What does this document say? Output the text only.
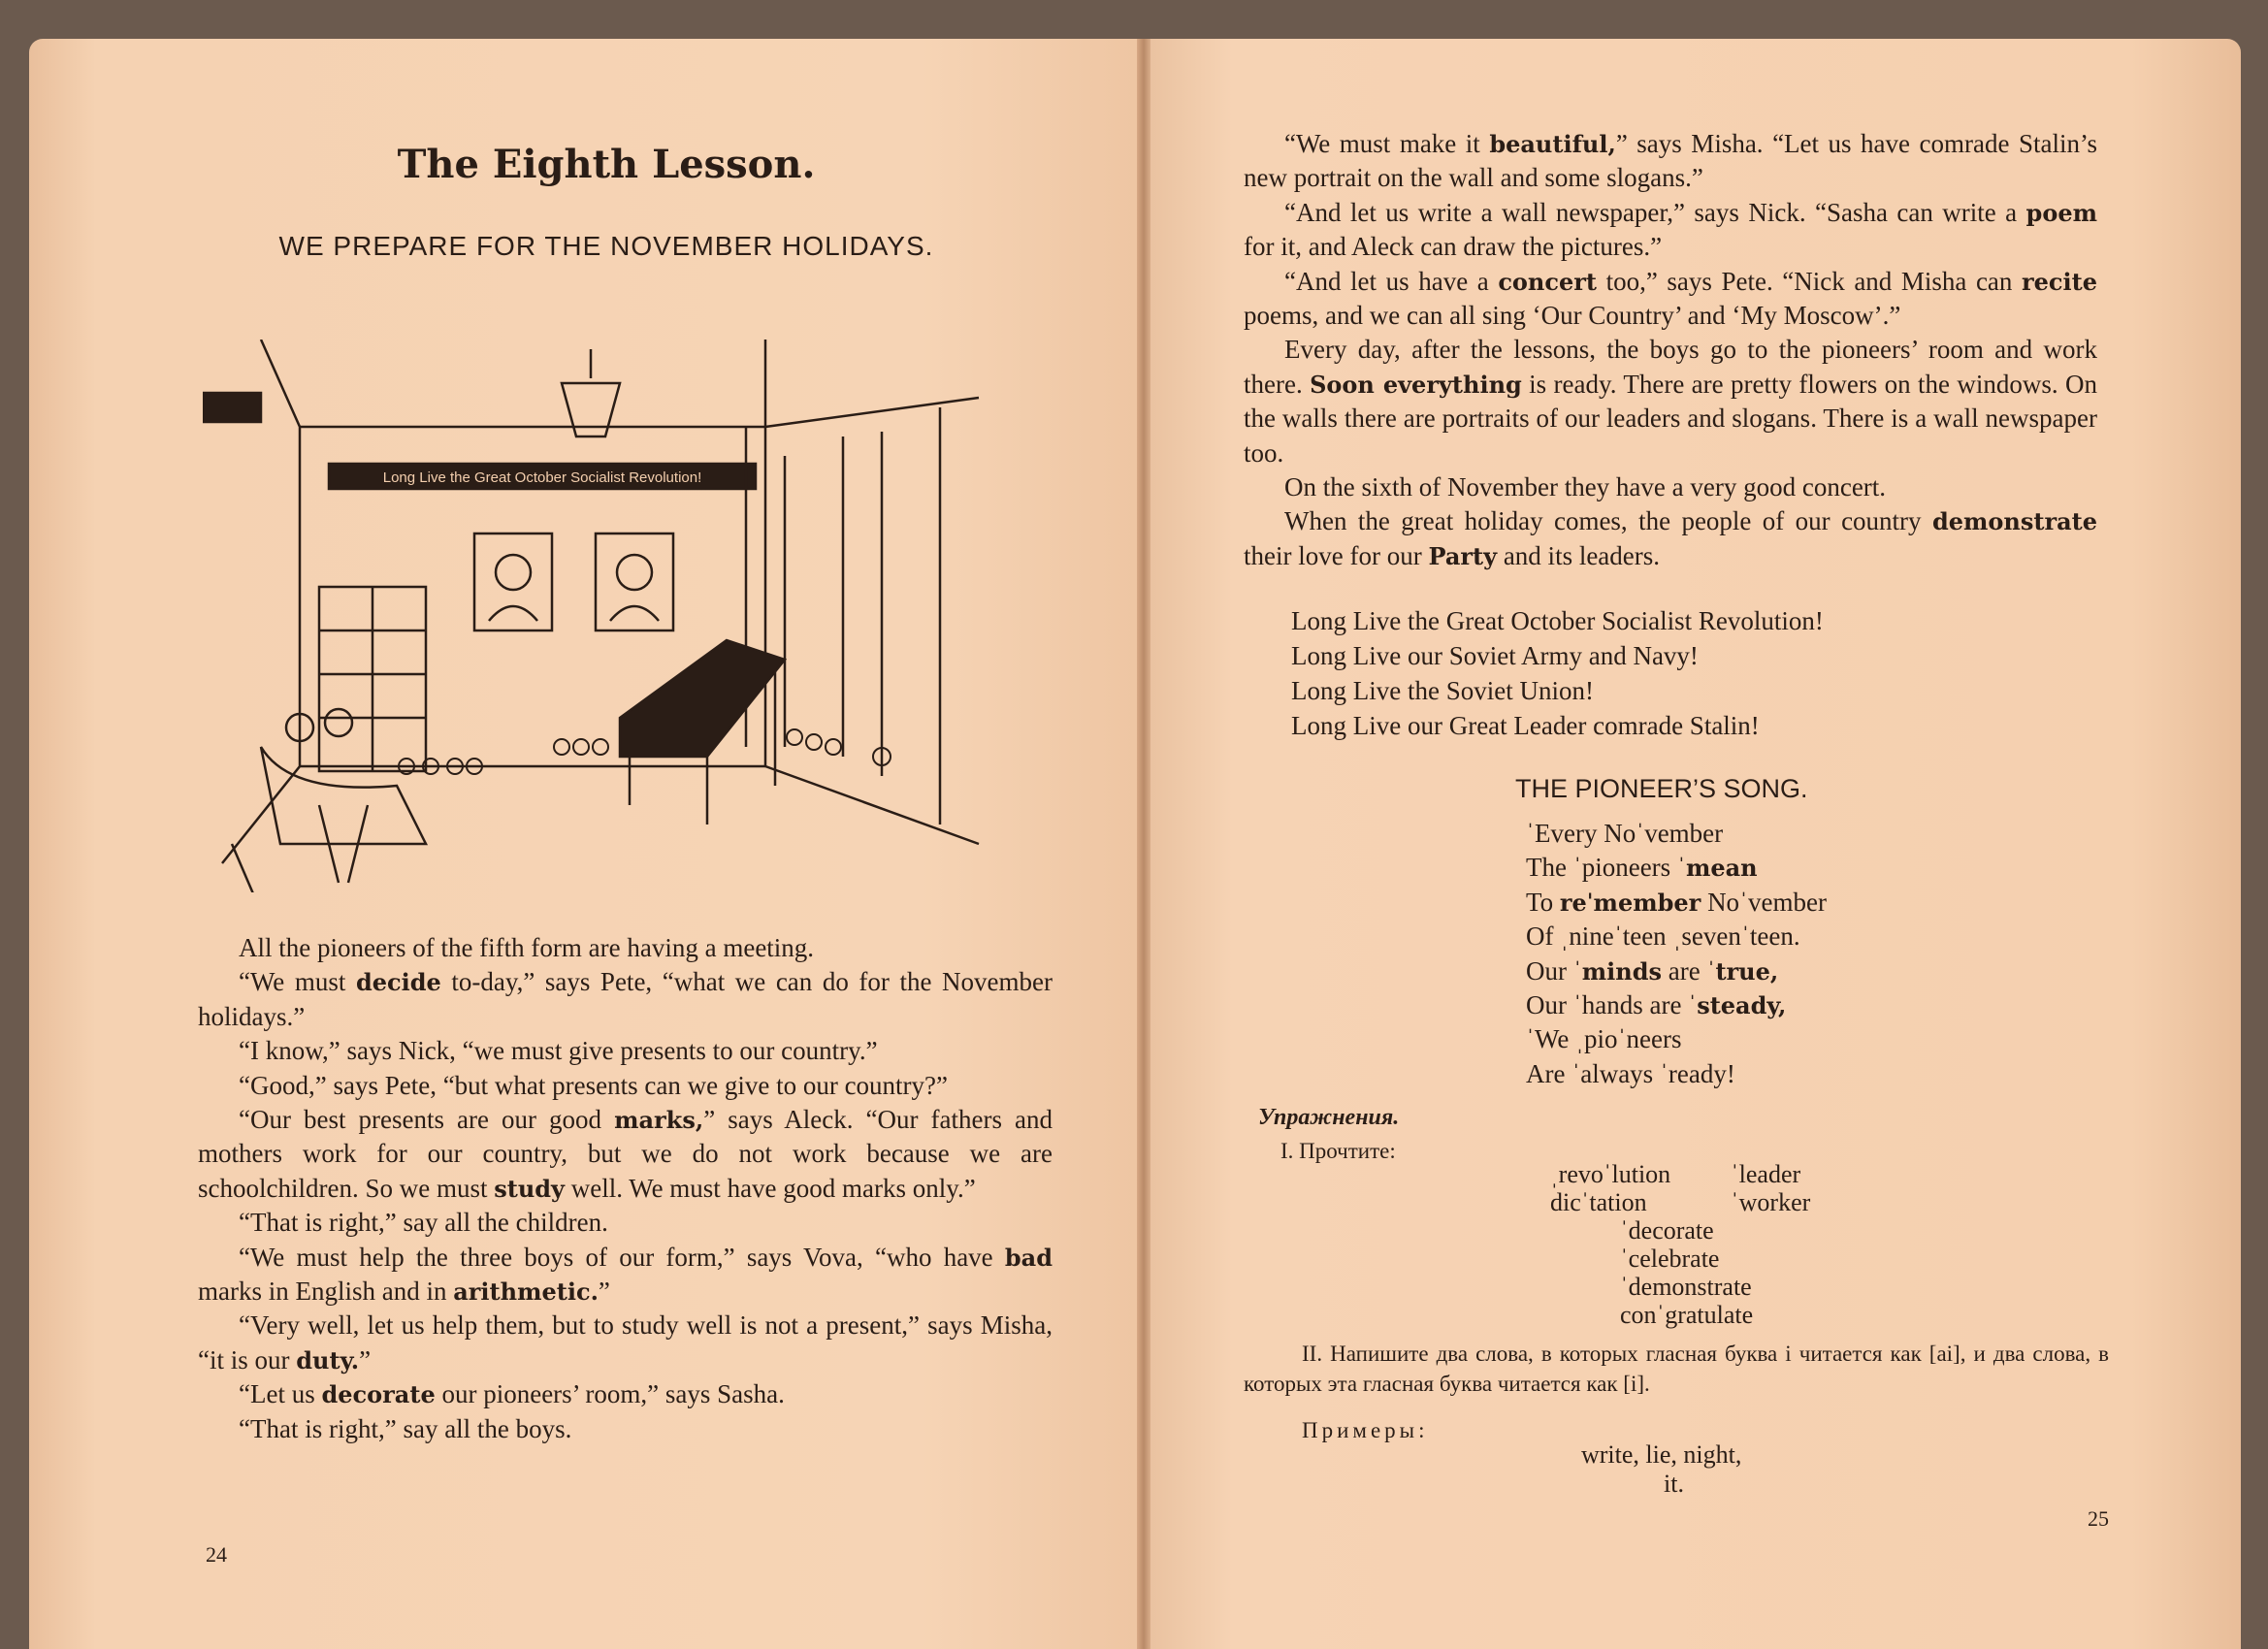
The Eighth Lesson.
WE PREPARE FOR THE NOVEMBER HOLIDAYS.
Long Live the Great October Socialist Revolution!

All the pioneers of the fifth form are having a meeting.

“We must decide to-day,” says Pete, “what we can do for the November holidays.”

“I know,” says Nick, “we must give presents to our country.”

“Good,” says Pete, “but what presents can we give to our country?”

“Our best presents are our good marks,” says Aleck. “Our fathers and mothers work for our country, but we do not work because we are schoolchildren. So we must study well. We must have good marks only.”

“That is right,” say all the children.

“We must help the three boys of our form,” says Vova, “who have bad marks in English and in arithmetic.”

“Very well, let us help them, but to study well is not a present,” says Misha, “it is our duty.”

“Let us decorate our pioneers’ room,” says Sasha.

“That is right,” say all the boys.

24

“We must make it beautiful,” says Misha. “Let us have comrade Stalin’s new portrait on the wall and some slogans.”

“And let us write a wall newspaper,” says Nick. “Sasha can write a poem for it, and Aleck can draw the pictures.”

“And let us have a concert too,” says Pete. “Nick and Misha can recite poems, and we can all sing ‘Our Country’ and ‘My Moscow’.”

Every day, after the lessons, the boys go to the pioneers’ room and work there. Soon everything is ready. There are pretty flowers on the windows. On the walls there are portraits of our leaders and slogans. There is a wall newspaper too.

On the sixth of November they have a very good concert.

When the great holiday comes, the people of our country demonstrate their love for our Party and its leaders.

Long Live the Great October Socialist Revolution!
Long Live our Soviet Army and Navy!
Long Live the Soviet Union!
Long Live our Great Leader comrade Stalin!
THE PIONEER’S SONG.
ˈEvery Noˈvember
The ˈpioneers ˈmean
To reˈmember Noˈvember
Of ˌnineˈteen ˌsevenˈteen.
Our ˈminds are ˈtrue,
Our ˈhands are ˈsteady,
ˈWe ˌpioˈneers
Are ˈalways ˈready!
Упражнения.
I. Прочтите:
ˌrevoˈlution
dicˈtation
ˈleader
ˈworker
ˈdecorate
ˈcelebrate
ˈdemonstrate
conˈgratulate
II. Напишите два слова, в которых гласная буква i читается как [ai], и два слова, в которых эта гласная буква читается как [i].
Примеры:
write, lie, night,
it.
25
